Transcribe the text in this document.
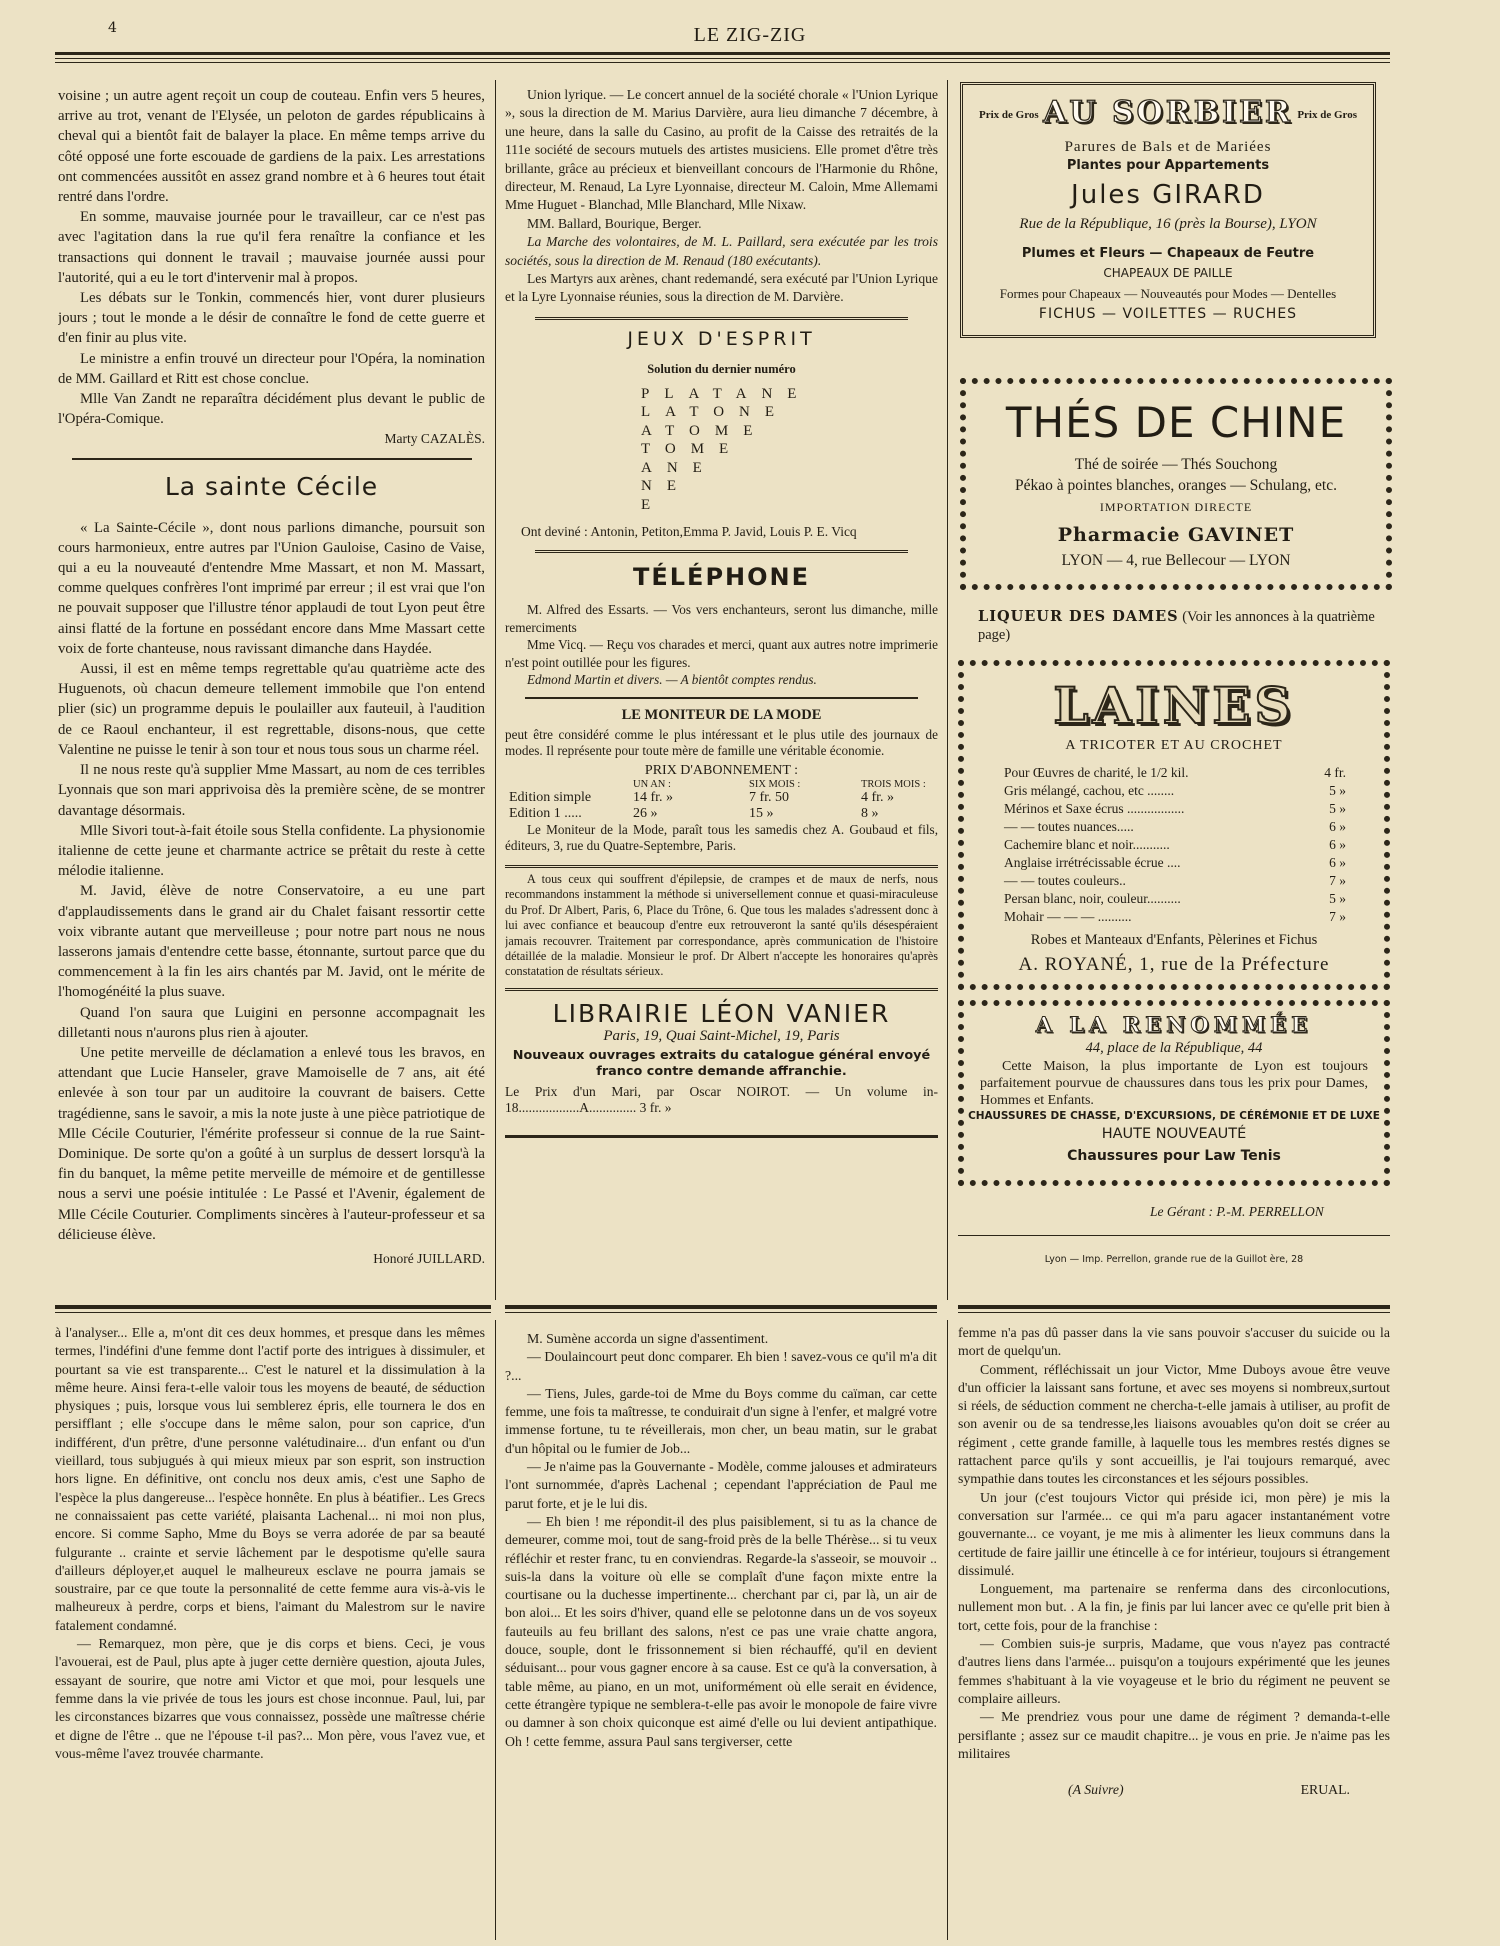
4	LE ZIG-ZIG

voisine ; un autre agent reçoit un coup de couteau. Enfin vers 5 heures, arrive au trot, venant de l'Elysée, un peloton de gardes républicains à cheval qui a bientôt fait de balayer la place. En même temps arrive du côté opposé une forte escouade de gardiens de la paix. Les arrestations ont commencées aussitôt en assez grand nombre et à 6 heures tout était rentré dans l'ordre.

En somme, mauvaise journée pour le travailleur, car ce n'est pas avec l'agitation dans la rue qu'il fera renaître la confiance et les transactions qui donnent le travail ; mauvaise journée aussi pour l'autorité, qui a eu le tort d'intervenir mal à propos.

Les débats sur le Tonkin, commencés hier, vont durer plusieurs jours ; tout le monde a le désir de connaître le fond de cette guerre et d'en finir au plus vite.

Le ministre a enfin trouvé un directeur pour l'Opéra, la nomination de MM. Gaillard et Ritt est chose conclue.

Mlle Van Zandt ne reparaîtra décidément plus devant le public de l'Opéra-Comique.

Marty CAZALÈS.

La sainte Cécile

« La Sainte-Cécile », dont nous parlions dimanche, poursuit son cours harmonieux, entre autres par l'Union Gauloise, Casino de Vaise, qui a eu la nouveauté d'entendre Mme Massart, et non M. Massart, comme quelques confrères l'ont imprimé par erreur ; il est vrai que l'on ne pouvait supposer que l'illustre ténor applaudi de tout Lyon peut être ainsi flatté de la fortune en possédant encore dans Mme Massart cette voix de forte chanteuse, nous ravissant dimanche dans Haydée.

Aussi, il est en même temps regrettable qu'au quatrième acte des Huguenots, où chacun demeure tellement immobile que l'on entend plier (sic) un programme depuis le poulailler aux fauteuil, à l'audition de ce Raoul enchanteur, il est regrettable, disons-nous, que cette Valentine ne puisse le tenir à son tour et nous tous sous un charme réel.

Il ne nous reste qu'à supplier Mme Massart, au nom de ces terribles Lyonnais que son mari apprivoisa dès la première scène, de se montrer davantage désormais.

Mlle Sivori tout-à-fait étoile sous Stella confidente. La physionomie italienne de cette jeune et charmante actrice se prêtait du reste à cette mélodie italienne.

M. Javid, élève de notre Conservatoire, a eu une part d'applaudissements dans le grand air du Chalet faisant ressortir cette voix vibrante autant que merveilleuse ; pour notre part nous ne nous lasserons jamais d'entendre cette basse, étonnante, surtout parce que du commencement à la fin les airs chantés par M. Javid, ont le mérite de l'homogénéité la plus suave.

Quand l'on saura que Luigini en personne accompagnait les dilletanti nous n'aurons plus rien à ajouter.

Une petite merveille de déclamation a enlevé tous les bravos, en attendant que Lucie Hanseler, grave Mamoiselle de 7 ans, ait été enlevée à son tour par un auditoire la couvrant de baisers. Cette tragédienne, sans le savoir, a mis la note juste à une pièce patriotique de Mlle Cécile Couturier, l'émérite professeur si connue de la rue Saint-Dominique. De sorte qu'on a goûté à un surplus de dessert lorsqu'à la fin du banquet, la même petite merveille de mémoire et de gentillesse nous a servi une poésie intitulée : Le Passé et l'Avenir, également de Mlle Cécile Couturier. Compliments sincères à l'auteur-professeur et sa délicieuse élève.

Honoré JUILLARD.

Union lyrique. — Le concert annuel de la société chorale « l'Union Lyrique », sous la direction de M. Marius Darvière, aura lieu dimanche 7 décembre, à une heure, dans la salle du Casino, au profit de la Caisse des retraités de la 111e société de secours mutuels des artistes musiciens. Elle promet d'être très brillante, grâce au précieux et bienveillant concours de l'Harmonie du Rhône, directeur, M. Renaud, La Lyre Lyonnaise, directeur M. Caloin, Mme Allemami Mme Huguet - Blanchad, Mlle Blanchard, Mlle Nixaw.

MM. Ballard, Bourique, Berger.

La Marche des volontaires, de M. L. Paillard, sera exécutée par les trois sociétés, sous la direction de M. Renaud (180 exécutants).

Les Martyrs aux arènes, chant redemandé, sera exécuté par l'Union Lyrique et la Lyre Lyonnaise réunies, sous la direction de M. Darvière.

JEUX D'ESPRIT
Solution du dernier numéro
PLATANE
LATONE
ATOME
TOME
ANE
NE
E
Ont deviné : Antonin, Petiton,Emma P. Javid, Louis P. E. Vicq
TÉLÉPHONE

M. Alfred des Essarts. — Vos vers enchanteurs, seront lus dimanche, mille remerciments

Mme Vicq. — Reçu vos charades et merci, quant aux autres notre imprimerie n'est point outillée pour les figures.

Edmond Martin et divers. — A bientôt comptes rendus.

LE MONITEUR DE LA MODE
peut être considéré comme le plus intéressant et le plus utile des journaux de modes. Il représente pour toute mère de famille une véritable économie.
PRIX D'ABONNEMENT :
	UN AN :	SIX MOIS :	TROIS MOIS :
Edition simple	14 fr. »	7 fr. 50	4 fr. »
Edition 1 .....	26 »	15 »	8 »
Le Moniteur de la Mode, paraît tous les samedis chez A. Goubaud et fils, éditeurs, 3, rue du Quatre-Septembre, Paris.
A tous ceux qui souffrent d'épilepsie, de crampes et de maux de nerfs, nous recommandons instamment la méthode si universellement connue et quasi-miraculeuse du Prof. Dr Albert, Paris, 6, Place du Trône, 6. Que tous les malades s'adressent donc à lui avec confiance et beaucoup d'entre eux retrouveront la santé qu'ils désespéraient jamais recouvrer. Traitement par correspondance, après communication de l'histoire détaillée de la maladie. Monsieur le prof. Dr Albert n'accepte les honoraires qu'après constatation de résultats sérieux.
LIBRAIRIE LÉON VANIER
Paris, 19, Quai Saint-Michel, 19, Paris
Nouveaux ouvrages extraits du catalogue général envoyé franco contre demande affranchie.
Le Prix d'un Mari, par Oscar NOIROT. — Un volume in-18..................A.............. 3 fr. »
Prix de Gros	Prix de Gros
AU SORBIER
Parures de Bals et de Mariées
Plantes pour Appartements
Jules GIRARD
Rue de la République, 16 (près la Bourse), LYON
Plumes et Fleurs — Chapeaux de Feutre
CHAPEAUX DE PAILLE
Formes pour Chapeaux — Nouveautés pour Modes — Dentelles
FICHUS — VOILETTES — RUCHES
THÉS DE CHINE
Thé de soirée — Thés Souchong
Pékao à pointes blanches, oranges — Schulang, etc.
IMPORTATION DIRECTE
Pharmacie GAVINET
LYON — 4, rue Bellecour — LYON
LIQUEUR DES DAMES (Voir les annonces à la quatrième page)
LAINES
A TRICOTER ET AU CROCHET
Pour Œuvres de charité, le 1/2 kil.	4 fr.
Gris mélangé, cachou, etc ........	5 »
Mérinos et Saxe écrus .................	5 »
— — toutes nuances.....	6 »
Cachemire blanc et noir...........	6 »
Anglaise irrétrécissable écrue ....	6 »
— — toutes couleurs..	7 »
Persan blanc, noir, couleur..........	5 »
Mohair — — — ..........	7 »
Robes et Manteaux d'Enfants, Pèlerines et Fichus
A. ROYANÉ, 1, rue de la Préfecture
A LA RENOMMÉE
44, place de la République, 44
Cette Maison, la plus importante de Lyon est toujours parfaitement pourvue de chaussures dans tous les prix pour Dames, Hommes et Enfants.
CHAUSSURES DE CHASSE, D'EXCURSIONS, DE CÉRÉMONIE ET DE LUXE
HAUTE NOUVEAUTÉ
Chaussures pour Law Tenis
Le Gérant : P.-M. PERRELLON
Lyon — Imp. Perrellon, grande rue de la Guillot ère, 28

à l'analyser... Elle a, m'ont dit ces deux hommes, et presque dans les mêmes termes, l'indéfini d'une femme dont l'actif porte des intrigues à dissimuler, et pourtant sa vie est transparente... C'est le naturel et la dissimulation à la même heure. Ainsi fera-t-elle valoir tous les moyens de beauté, de séduction physiques ; puis, lorsque vous lui semblerez épris, elle tournera le dos en persifflant ; elle s'occupe dans le même salon, pour son caprice, d'un indifférent, d'un prêtre, d'une personne valétudinaire... d'un enfant ou d'un vieillard, tous subjugués à qui mieux mieux par son esprit, son instruction hors ligne. En définitive, ont conclu nos deux amis, c'est une Sapho de l'espèce la plus dangereuse... l'espèce honnête. En plus à béatifier.. Les Grecs ne connaissaient pas cette variété, plaisanta Lachenal... ni moi non plus, encore. Si comme Sapho, Mme du Boys se verra adorée de par sa beauté fulgurante .. crainte et servie lâchement par le despotisme qu'elle saura d'ailleurs déployer,et auquel le malheureux esclave ne pourra jamais se soustraire, par ce que toute la personnalité de cette femme aura vis-à-vis le malheureux à perdre, corps et biens, l'aimant du Malestrom sur le navire fatalement condamné.

— Remarquez, mon père, que je dis corps et biens. Ceci, je vous l'avouerai, est de Paul, plus apte à juger cette dernière question, ajouta Jules, essayant de sourire, que notre ami Victor et que moi, pour lesquels une femme dans la vie privée de tous les jours est chose inconnue. Paul, lui, par les circonstances bizarres que vous connaissez, possède une maîtresse chérie et digne de l'être .. que ne l'épouse t-il pas?... Mon père, vous l'avez vue, et vous-même l'avez trouvée charmante.

M. Sumène accorda un signe d'assentiment.

— Doulaincourt peut donc comparer. Eh bien ! savez-vous ce qu'il m'a dit ?...

— Tiens, Jules, garde-toi de Mme du Boys comme du caïman, car cette femme, une fois ta maîtresse, te conduirait d'un signe à l'enfer, et malgré votre immense fortune, tu te réveillerais, mon cher, un beau matin, sur le grabat d'un hôpital ou le fumier de Job...

— Je n'aime pas la Gouvernante - Modèle, comme jalouses et admirateurs l'ont surnommée, d'après Lachenal ; cependant l'appréciation de Paul me parut forte, et je le lui dis.

— Eh bien ! me répondit-il des plus paisiblement, si tu as la chance de demeurer, comme moi, tout de sang-froid près de la belle Thérèse... si tu veux réfléchir et rester franc, tu en conviendras. Regarde-la s'asseoir, se mouvoir .. suis-la dans la voiture où elle se complaît d'une façon mixte entre la courtisane ou la duchesse impertinente... cherchant par ci, par là, un air de bon aloi... Et les soirs d'hiver, quand elle se pelotonne dans un de vos soyeux fauteuils au feu brillant des salons, n'est ce pas une vraie chatte angora, douce, souple, dont le frissonnement si bien réchauffé, qu'il en devient séduisant... pour vous gagner encore à sa cause. Est ce qu'à la conversation, à table même, au piano, en un mot, uniformément où elle serait en évidence, cette étrangère typique ne semblera-t-elle pas avoir le monopole de faire vivre ou damner à son choix quiconque est aimé d'elle ou lui devient antipathique. Oh ! cette femme, assura Paul sans tergiverser, cette

femme n'a pas dû passer dans la vie sans pouvoir s'accuser du suicide ou la mort de quelqu'un.

Comment, réfléchissait un jour Victor, Mme Duboys avoue être veuve d'un officier la laissant sans fortune, et avec ses moyens si nombreux,surtout si réels, de séduction comment ne chercha-t-elle jamais à utiliser, au profit de son avenir ou de sa tendresse,les liaisons avouables qu'on doit se créer au régiment , cette grande famille, à laquelle tous les membres restés dignes se rattachent parce qu'ils y sont accueillis, je l'ai toujours remarqué, avec sympathie dans toutes les circonstances et les séjours possibles.

Un jour (c'est toujours Victor qui préside ici, mon père) je mis la conversation sur l'armée... ce qui m'a paru agacer instantanément votre gouvernante... ce voyant, je me mis à alimenter les lieux communs dans la certitude de faire jaillir une étincelle à ce for intérieur, toujours si étrangement dissimulé.

Longuement, ma partenaire se renferma dans des circonlocutions, nullement mon but. . A la fin, je finis par lui lancer avec ce qu'elle prit bien à tort, cette fois, pour de la franchise :

— Combien suis-je surpris, Madame, que vous n'ayez pas contracté d'autres liens dans l'armée... puisqu'on a toujours expérimenté que les jeunes femmes s'habituant à la vie voyageuse et le brio du régiment ne peuvent se complaire ailleurs.

— Me prendriez vous pour une dame de régiment ? demanda-t-elle persiflante ; assez sur ce maudit chapitre... je vous en prie. Je n'aime pas les militaires

(A Suivre)	ERUAL.
